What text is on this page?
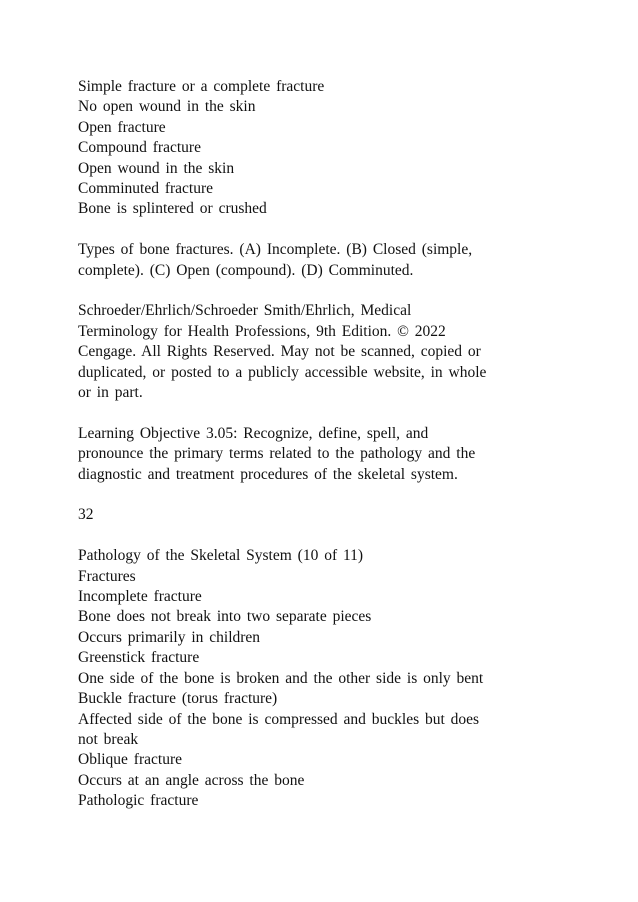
Simple fracture or a complete fracture
No open wound in the skin
Open fracture
Compound fracture
Open wound in the skin
Comminuted fracture
Bone is splintered or crushed
Types of bone fractures. (A) Incomplete. (B) Closed (simple,
complete). (C) Open (compound). (D) Comminuted.
Schroeder/Ehrlich/Schroeder Smith/Ehrlich, Medical
Terminology for Health Professions, 9th Edition. © 2022
Cengage. All Rights Reserved. May not be scanned, copied or
duplicated, or posted to a publicly accessible website, in whole
or in part.
Learning Objective 3.05: Recognize, define, spell, and
pronounce the primary terms related to the pathology and the
diagnostic and treatment procedures of the skeletal system.
32
Pathology of the Skeletal System (10 of 11)
Fractures
Incomplete fracture
Bone does not break into two separate pieces
Occurs primarily in children
Greenstick fracture
One side of the bone is broken and the other side is only bent
Buckle fracture (torus fracture)
Affected side of the bone is compressed and buckles but does
not break
Oblique fracture
Occurs at an angle across the bone
Pathologic fracture
